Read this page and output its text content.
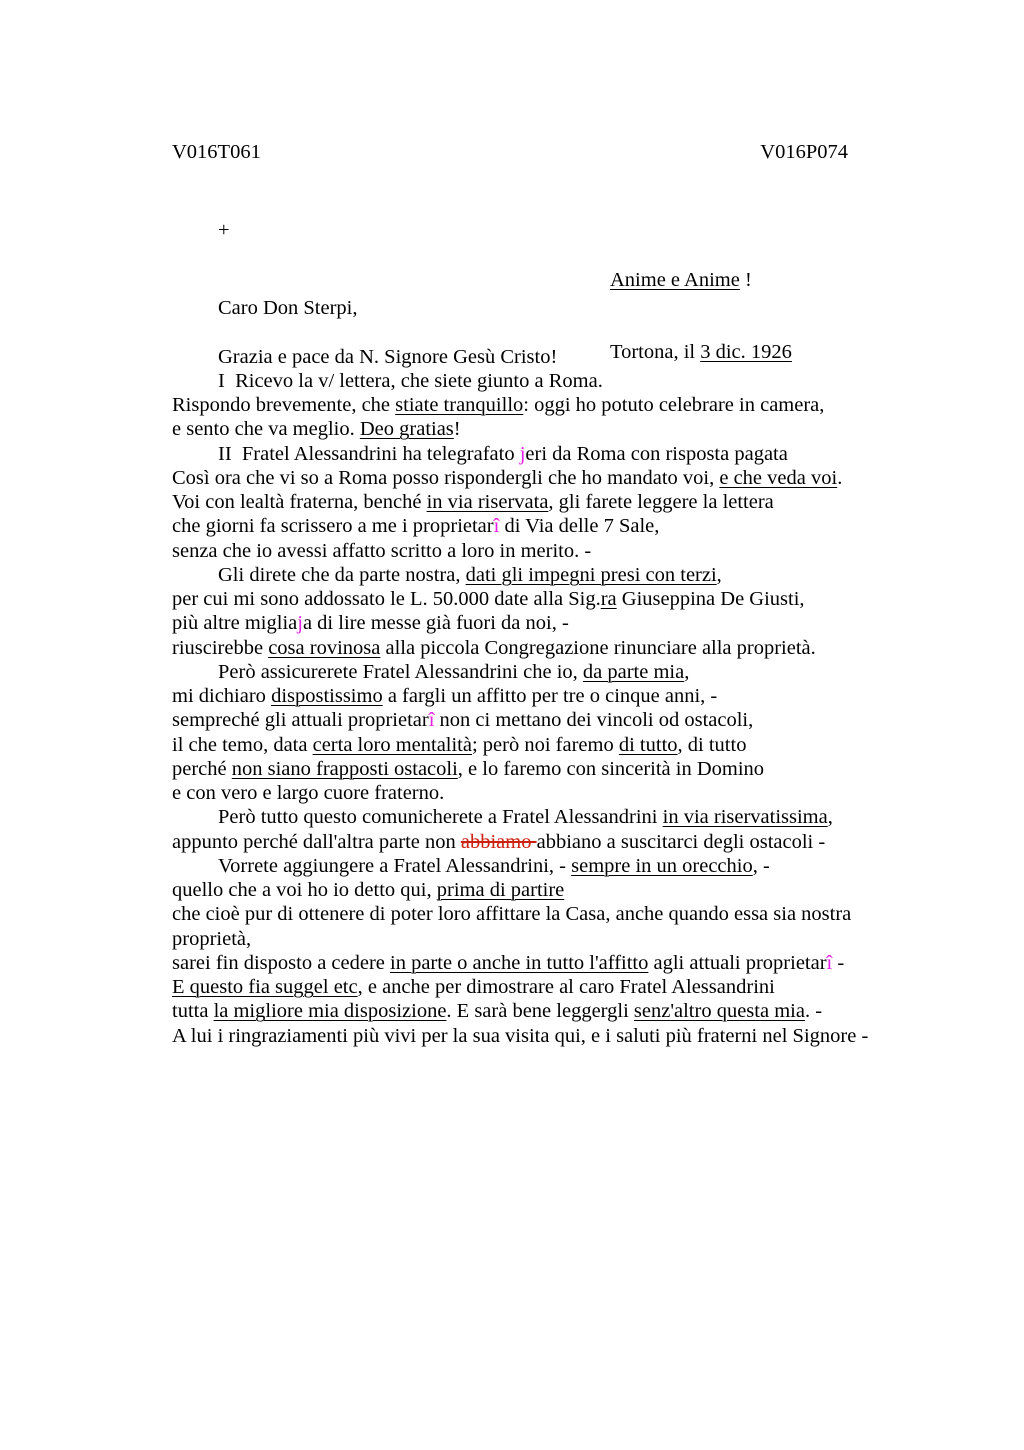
V016T061	V016P074
+

Anime e Anime !

Tortona, il 3 dic. 1926

Caro Don Sterpi,

Grazia e pace da N. Signore Gesù Cristo!
I  Ricevo la v/ lettera, che siete giunto a Roma.
Rispondo brevemente, che stiate tranquillo: oggi ho potuto celebrare in camera,
e sento che va meglio. Deo gratias!
II  Fratel Alessandrini ha telegrafato jeri da Roma con risposta pagata
Così ora che vi so a Roma posso rispondergli che ho mandato voi, e che veda voi.
Voi con lealtà fraterna, benché in via riservata, gli farete leggere la lettera
che giorni fa scrissero a me i proprietarî di Via delle 7 Sale,
senza che io avessi affatto scritto a loro in merito. -
Gli direte che da parte nostra, dati gli impegni presi con terzi,
per cui mi sono addossato le L. 50.000 date alla Sig.ra Giuseppina De Giusti,
più altre migliaja di lire messe già fuori da noi, -
riuscirebbe cosa rovinosa alla piccola Congregazione rinunciare alla proprietà.
Però assicurerete Fratel Alessandrini che io, da parte mia,
mi dichiaro dispostissimo a fargli un affitto per tre o cinque anni, -
sempreché gli attuali proprietarî non ci mettano dei vincoli od ostacoli,
il che temo, data certa loro mentalità; però noi faremo di tutto, di tutto
perché non siano frapposti ostacoli, e lo faremo con sincerità in Domino
e con vero e largo cuore fraterno.
Però tutto questo comunicherete a Fratel Alessandrini in via riservatissima,
appunto perché dall'altra parte non abbiamo abbiano a suscitarci degli ostacoli -
Vorrete aggiungere a Fratel Alessandrini, - sempre in un orecchio, -
quello che a voi ho io detto qui, prima di partire
che cioè pur di ottenere di poter loro affittare la Casa, anche quando essa sia nostra
proprietà,
sarei fin disposto a cedere in parte o anche in tutto l'affitto agli attuali proprietarî -
E questo fia suggel etc, e anche per dimostrare al caro Fratel Alessandrini
tutta la migliore mia disposizione. E sarà bene leggergli senz'altro questa mia. -
A lui i ringraziamenti più vivi per la sua visita qui, e i saluti più fraterni nel Signore -
